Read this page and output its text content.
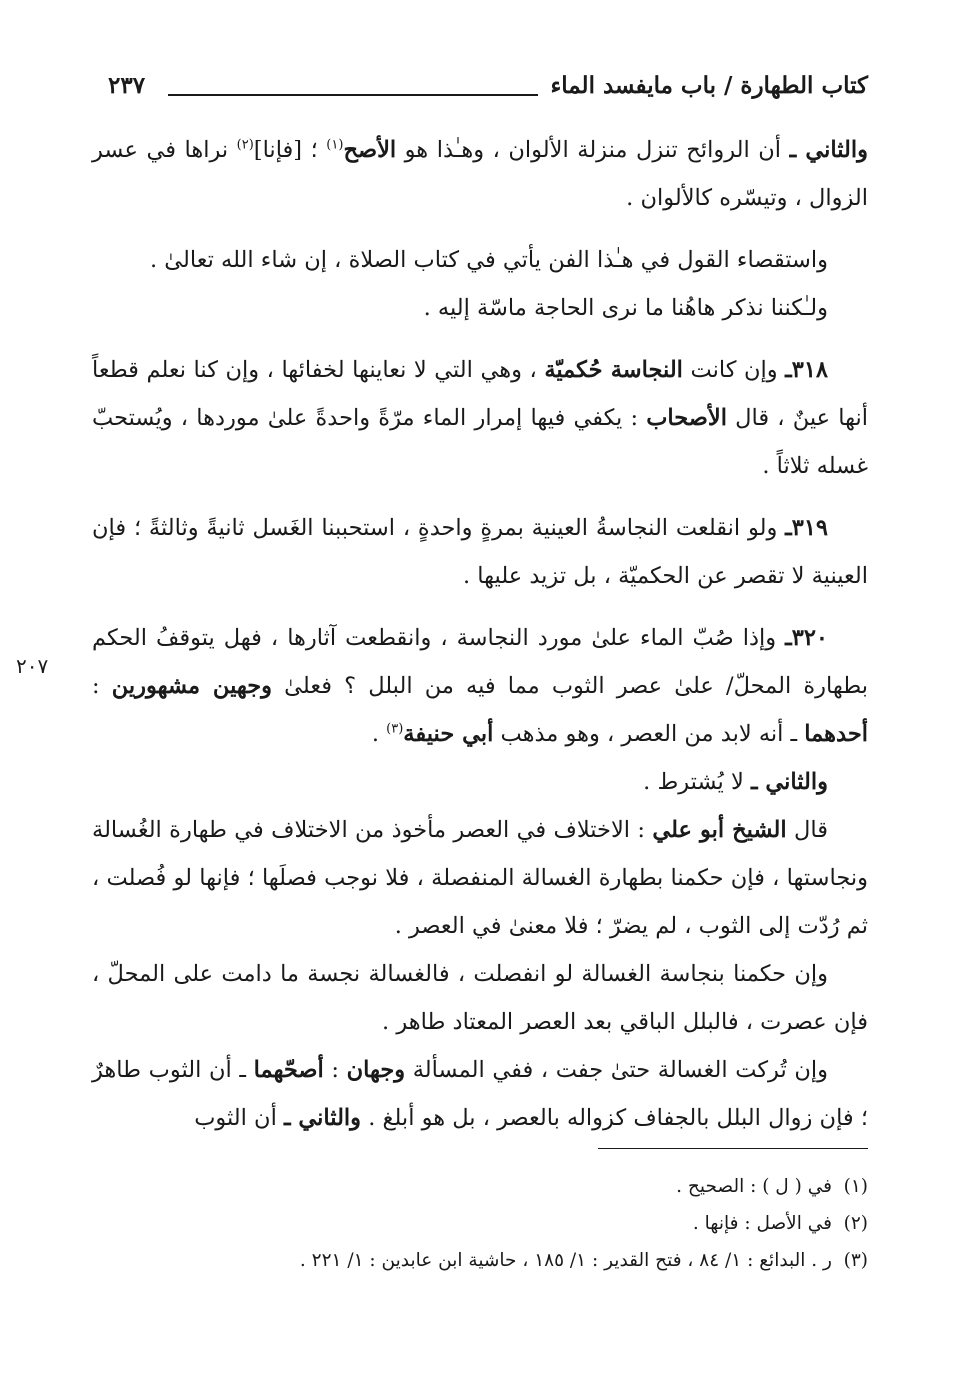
كتاب الطهارة / باب مايفسد الماء
٢٣٧

والثاني ـ أن الروائح تنزل منزلة الألوان ، وهـٰذا هو الأصح$^{(١)}$ ؛ [فإنا]$^{(٢)}$ نراها في عسر الزوال ، وتيسّره كالألوان .

واستقصاء القول في هـٰذا الفن يأتي في كتاب الصلاة ، إن شاء الله تعالىٰ .

ولـٰكننا نذكر هاهُنا ما نرى الحاجة ماسّة إليه .

٣١٨ـ وإن كانت النجاسة حُكميّة ، وهي التي لا نعاينها لخفائها ، وإن كنا نعلم قطعاً أنها عينٌ ، قال الأصحاب : يكفي فيها إمرار الماء مرّةً واحدةً علىٰ موردها ، ويُستحبّ غسله ثلاثاً .

٣١٩ـ ولو انقلعت النجاسةُ العينية بمرةٍ واحدةٍ ، استحببنا الغَسل ثانيةً وثالثةً ؛ فإن العينية لا تقصر عن الحكميّة ، بل تزيد عليها .

٣٢٠ـ وإذا صُبّ الماء علىٰ مورد النجاسة ، وانقطعت آثارها ، فهل يتوقفُ الحكم بطهارة المحلّ/ علىٰ عصر الثوب مما فيه من البلل ؟ فعلىٰ وجهين مشهورين : أحدهما ـ أنه لابد من العصر ، وهو مذهب أبي حنيفة$^{(٣)}$ .

والثاني ـ لا يُشترط .

قال الشيخ أبو علي : الاختلاف في العصر مأخوذ من الاختلاف في طهارة الغُسالة ونجاستها ، فإن حكمنا بطهارة الغسالة المنفصلة ، فلا نوجب فصلَها ؛ فإنها لو فُصلت ، ثم رُدّت إلى الثوب ، لم يضرّ ؛ فلا معنىٰ في العصر .

وإن حكمنا بنجاسة الغسالة لو انفصلت ، فالغسالة نجسة ما دامت على المحلّ ، فإن عصرت ، فالبلل الباقي بعد العصر المعتاد طاهر .

وإن تُركت الغسالة حتىٰ جفت ، ففي المسألة وجهان : أصحّهما ـ أن الثوب طاهرٌ ؛ فإن زوال البلل بالجفاف كزواله بالعصر ، بل هو أبلغ . والثاني ـ أن الثوب

٢٠٧

(١)في ( ل ) : الصحيح .

(٢)في الأصل : فإنها .

(٣)ر . البدائع : ١/ ٨٤ ، فتح القدير : ١/ ١٨٥ ، حاشية ابن عابدين : ١/ ٢٢١ .
